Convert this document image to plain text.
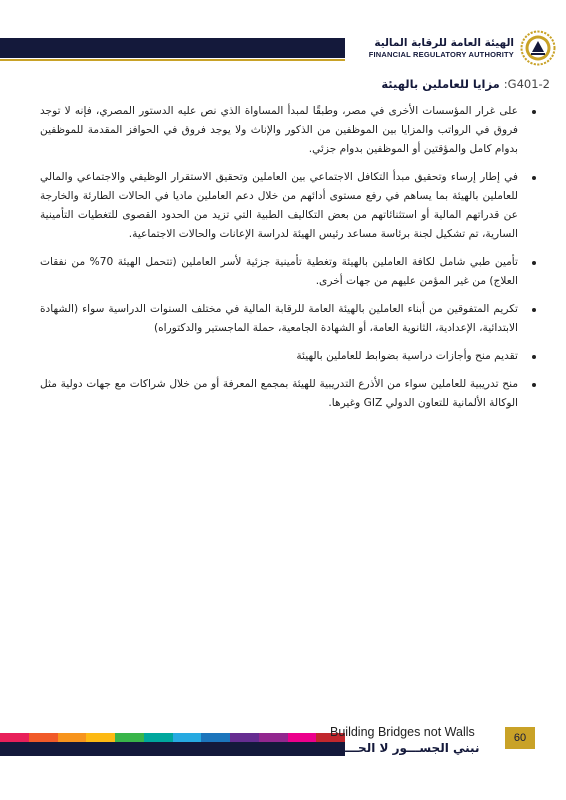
الهيئة العامة للرقابة المالية
FINANCIAL REGULATORY AUTHORITY
G401-2: مزايا للعاملين بالهيئة
على غرار المؤسسات الأخرى في مصر، وطبقًا لمبدأ المساواة الذي نص عليه الدستور المصري، فإنه لا توجد فروق في الرواتب والمزايا بين الموظفين من الذكور والإناث ولا يوجد فروق في الحوافز المقدمة للموظفين بدوام كامل والمؤقتين أو الموظفين بدوام جزئي.
في إطار إرساء وتحقيق مبدأ التكافل الاجتماعي بين العاملين وتحقيق الاستقرار الوظيفي والاجتماعي والمالي للعاملين بالهيئة بما يساهم في رفع مستوى أدائهم من خلال دعم العاملين ماديا في الحالات الطارئة والخارجة عن قدراتهم المالية أو استثنائاتهم من بعض التكاليف الطبية التي تزيد من الحدود القصوى للتغطيات التأمينية السارية، تم تشكيل لجنة برئاسة مساعد رئيس الهيئة لدراسة الإعانات والحالات الاجتماعية.
تأمين طبي شامل لكافة العاملين بالهيئة وتغطية تأمينية جزئية لأسر العاملين (تتحمل الهيئة 70% من نفقات العلاج) من غير المؤمن عليهم من جهات أخرى.
تكريم المتفوقين من أبناء العاملين بالهيئة العامة للرقابة المالية في مختلف السنوات الدراسية سواء (الشهادة الابتدائية، الإعدادية، الثانوية العامة، أو الشهادة الجامعية، حملة الماجستير والدكتوراه)
تقديم منح وأجازات دراسية بضوابط للعاملين بالهيئة
منح تدريبية للعاملين سواء من الأذرع التدريبية للهيئة بمجمع المعرفة أو من خلال شراكات مع جهات دولية مثل الوكالة الألمانية للتعاون الدولي GIZ وغيرها.
Building Bridges not Walls
نبني الجســـور لا الحـــواجز
60
